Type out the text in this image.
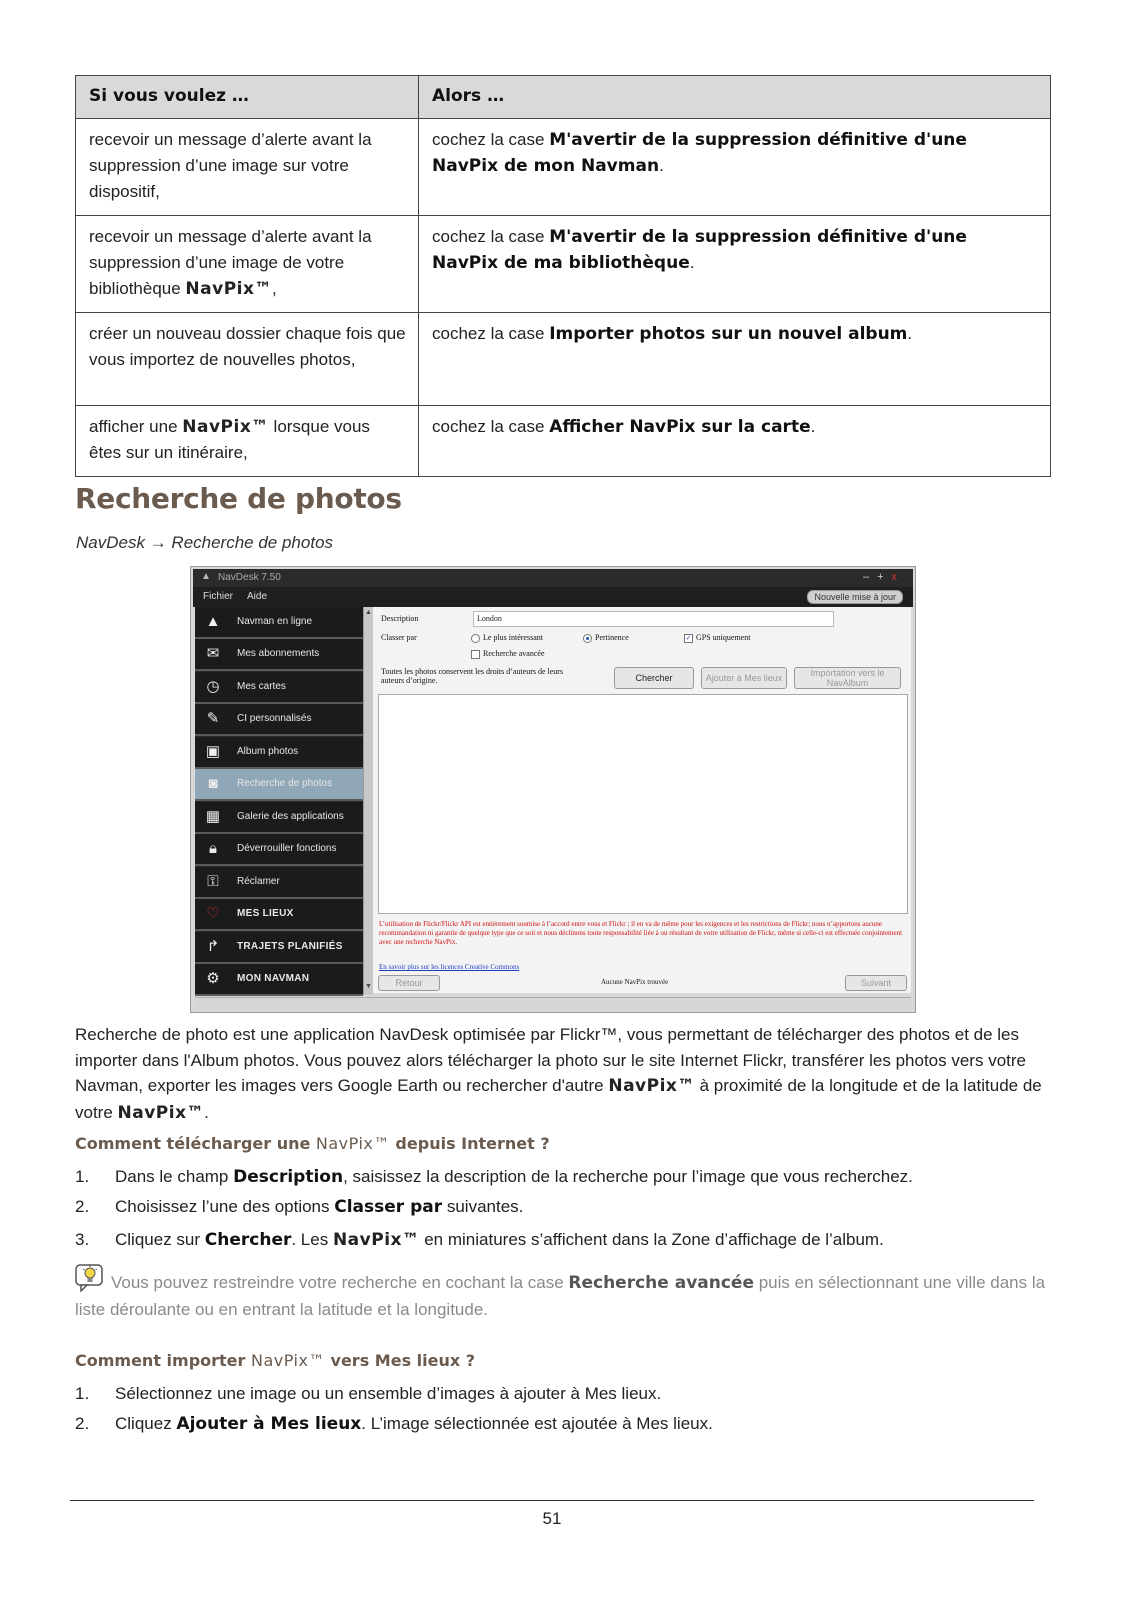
Si vous voulez …	Alors …
recevoir un message d’alerte avant la suppression d’une image sur votre dispositif,	cochez la case M'avertir de la suppression définitive d'une NavPix de mon Navman.
recevoir un message d’alerte avant la suppression d’une image de votre bibliothèque NavPix™,	cochez la case M'avertir de la suppression définitive d'une NavPix de ma bibliothèque.
créer un nouveau dossier chaque fois que vous importez de nouvelles photos,	cochez la case Importer photos sur un nouvel album.
afficher une NavPix™ lorsque vous êtes sur un itinéraire,	cochez la case Afficher NavPix sur la carte.
Recherche de photos
NavDesk → Recherche de photos
▲ NavDesk 7.50	–+x
Fichier Aide	Nouvelle mise à jour
▲ Navman en ligne
✉ Mes abonnements
◷ Mes cartes
✎ CI personnalisés
▣ Album photos
◙	Recherche de photos
▦ Galerie des applications
🔒︎	Déverrouiller fonctions
⚿	Réclamer
♡ MES LIEUX
↱ TRAJETS PLANIFIÉS
⚙ MON NAVMAN
▲
▼
Description	London
Classer par	Le plus intéressant	Pertinence	✓ GPS uniquement
Recherche avancée
Toutes les photos conservent les droits d’auteurs de leurs auteurs d’origine.	Chercher	Ajouter à Mes lieux	Importation vers le NavAlbum
L’utilisation de Flickr/Flickr API est entièrement soumise à l’accord entre vous et Flickr ; il en va de même pour les exigences et les restrictions de Flickr; nous n’apportons aucune recommandation ni garantie de quelque type que ce soit et nous déclinons toute responsabilité liée à ou résultant de votre utilisation de Flickr, même si celle-ci est effectuée conjointement avec une recherche NavPix.
En savoir plus sur les licences Creative Commons
Retour	Aucune NavPix trouvée	Suivant
Recherche de photo est une application NavDesk optimisée par Flickr™, vous permettant de télécharger des photos et de les importer dans l'Album photos. Vous pouvez alors télécharger la photo sur le site Internet Flickr, transférer les photos vers votre Navman, exporter les images vers Google Earth ou rechercher d'autre NavPix™ à proximité de la longitude et de la latitude de votre NavPix™.
Comment télécharger une NavPix™ depuis Internet ?
1. Dans le champ Description, saisissez la description de la recherche pour l’image que vous recherchez.
2. Choisissez l’une des options Classer par suivantes.
3. Cliquez sur Chercher. Les NavPix™ en miniatures s’affichent dans la Zone d’affichage de l’album.
Vous pouvez restreindre votre recherche en cochant la case Recherche avancée puis en sélectionnant une ville dans la liste déroulante ou en entrant la latitude et la longitude.
Comment importer NavPix™ vers Mes lieux ?
1. Sélectionnez une image ou un ensemble d’images à ajouter à Mes lieux.
2. Cliquez Ajouter à Mes lieux. L’image sélectionnée est ajoutée à Mes lieux.
51
